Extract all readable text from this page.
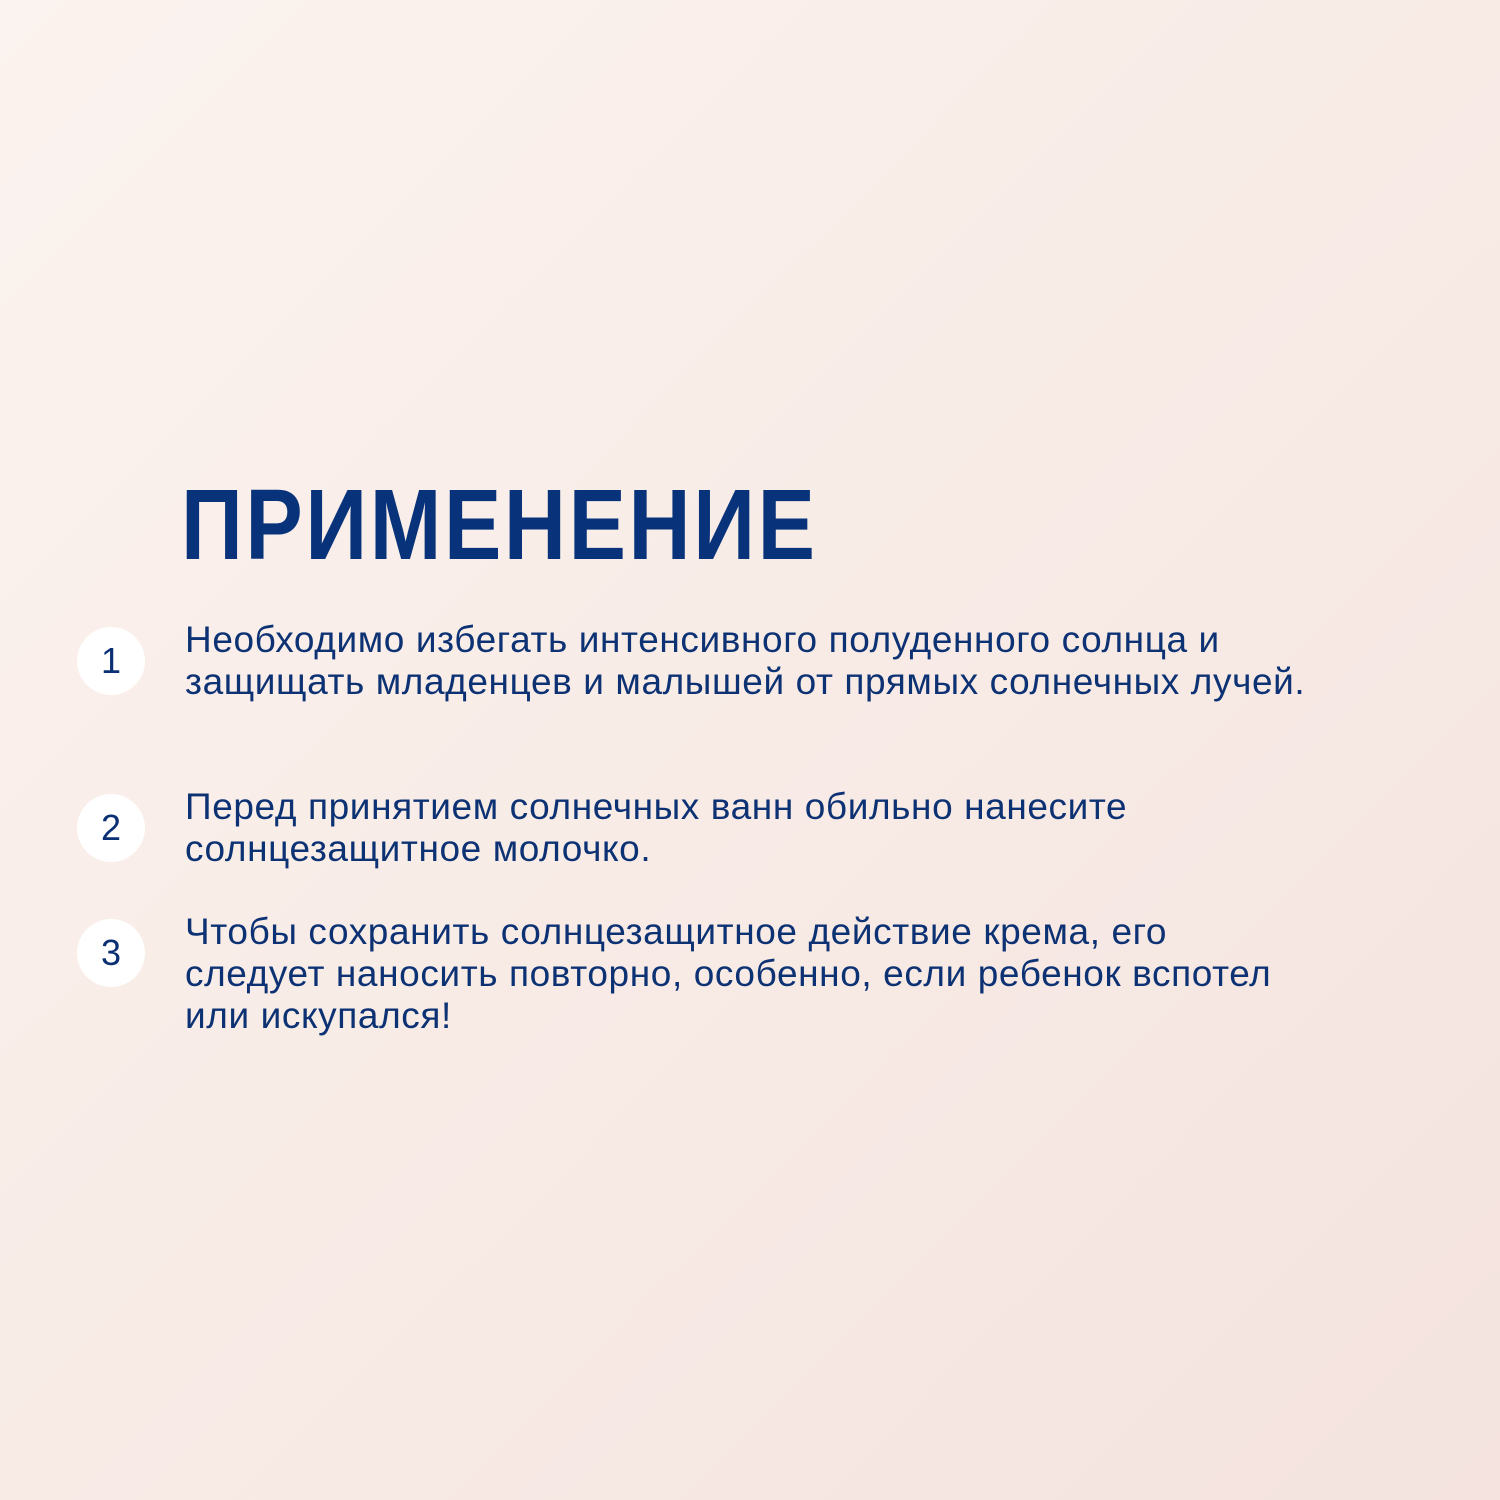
ПРИМЕНЕНИЕ
1
Необходимо избегать интенсивного полуденного солнца и защищать младенцев и малышей от прямых солнечных лучей.
2
Перед принятием солнечных ванн обильно нанесите солнцезащитное молочко.
3
Чтобы сохранить солнцезащитное действие крема, его следует наносить повторно, особенно, если ребенок вспотел или искупался!
